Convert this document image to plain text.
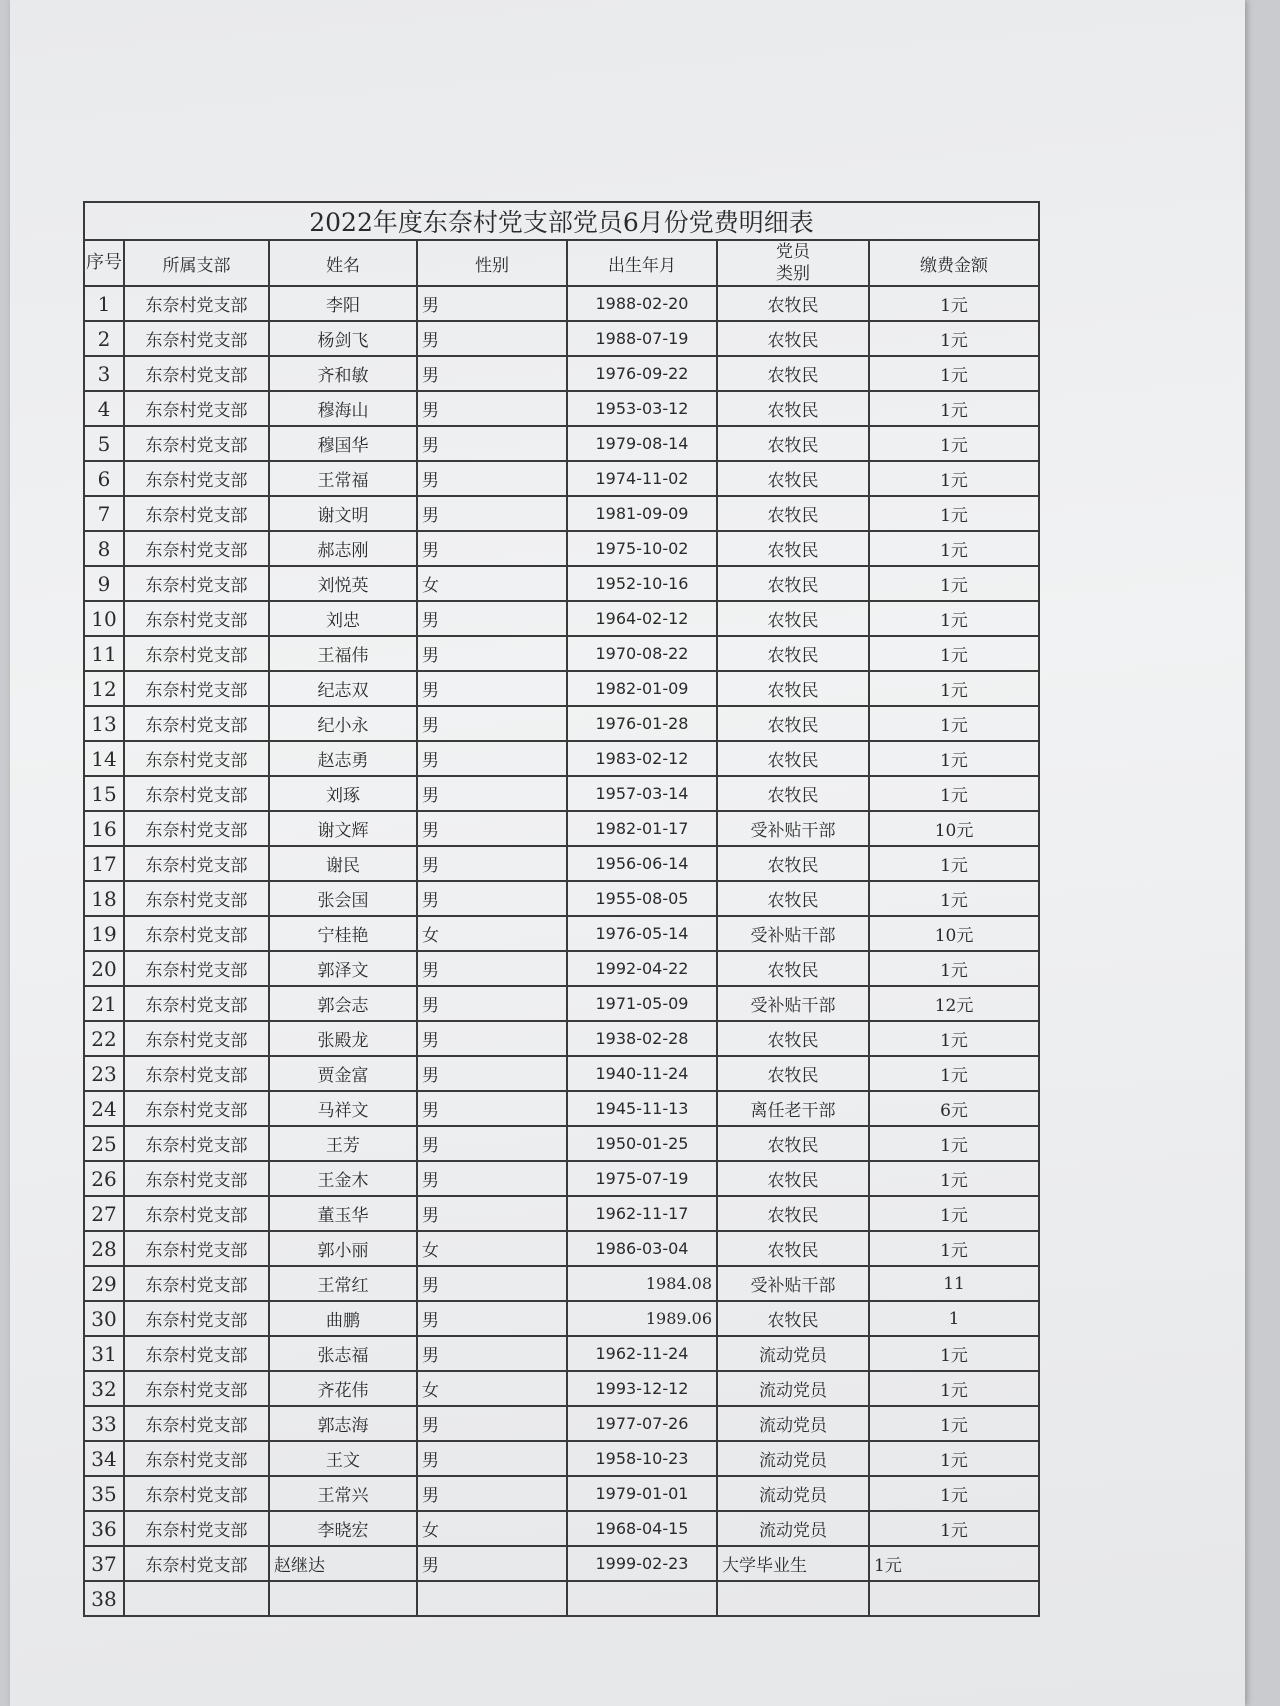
2022年度东奈村党支部党员6月份党费明细表						
序号	所属支部	姓名	性别	出生年月	党员类别	缴费金额
1	东奈村党支部	李阳	男	1988-02-20	农牧民	1元
2	东奈村党支部	杨剑飞	男	1988-07-19	农牧民	1元
3	东奈村党支部	齐和敏	男	1976-09-22	农牧民	1元
4	东奈村党支部	穆海山	男	1953-03-12	农牧民	1元
5	东奈村党支部	穆国华	男	1979-08-14	农牧民	1元
6	东奈村党支部	王常福	男	1974-11-02	农牧民	1元
7	东奈村党支部	谢文明	男	1981-09-09	农牧民	1元
8	东奈村党支部	郝志刚	男	1975-10-02	农牧民	1元
9	东奈村党支部	刘悦英	女	1952-10-16	农牧民	1元
10	东奈村党支部	刘忠	男	1964-02-12	农牧民	1元
11	东奈村党支部	王福伟	男	1970-08-22	农牧民	1元
12	东奈村党支部	纪志双	男	1982-01-09	农牧民	1元
13	东奈村党支部	纪小永	男	1976-01-28	农牧民	1元
14	东奈村党支部	赵志勇	男	1983-02-12	农牧民	1元
15	东奈村党支部	刘琢	男	1957-03-14	农牧民	1元
16	东奈村党支部	谢文辉	男	1982-01-17	受补贴干部	10元
17	东奈村党支部	谢民	男	1956-06-14	农牧民	1元
18	东奈村党支部	张会国	男	1955-08-05	农牧民	1元
19	东奈村党支部	宁桂艳	女	1976-05-14	受补贴干部	10元
20	东奈村党支部	郭泽文	男	1992-04-22	农牧民	1元
21	东奈村党支部	郭会志	男	1971-05-09	受补贴干部	12元
22	东奈村党支部	张殿龙	男	1938-02-28	农牧民	1元
23	东奈村党支部	贾金富	男	1940-11-24	农牧民	1元
24	东奈村党支部	马祥文	男	1945-11-13	离任老干部	6元
25	东奈村党支部	王芳	男	1950-01-25	农牧民	1元
26	东奈村党支部	王金木	男	1975-07-19	农牧民	1元
27	东奈村党支部	董玉华	男	1962-11-17	农牧民	1元
28	东奈村党支部	郭小丽	女	1986-03-04	农牧民	1元
29	东奈村党支部	王常红	男	1984.08	受补贴干部	11
30	东奈村党支部	曲鹏	男	1989.06	农牧民	1
31	东奈村党支部	张志福	男	1962-11-24	流动党员	1元
32	东奈村党支部	齐花伟	女	1993-12-12	流动党员	1元
33	东奈村党支部	郭志海	男	1977-07-26	流动党员	1元
34	东奈村党支部	王文	男	1958-10-23	流动党员	1元
35	东奈村党支部	王常兴	男	1979-01-01	流动党员	1元
36	东奈村党支部	李晓宏	女	1968-04-15	流动党员	1元
37	东奈村党支部	赵继达	男	1999-02-23	大学毕业生	1元
38						
